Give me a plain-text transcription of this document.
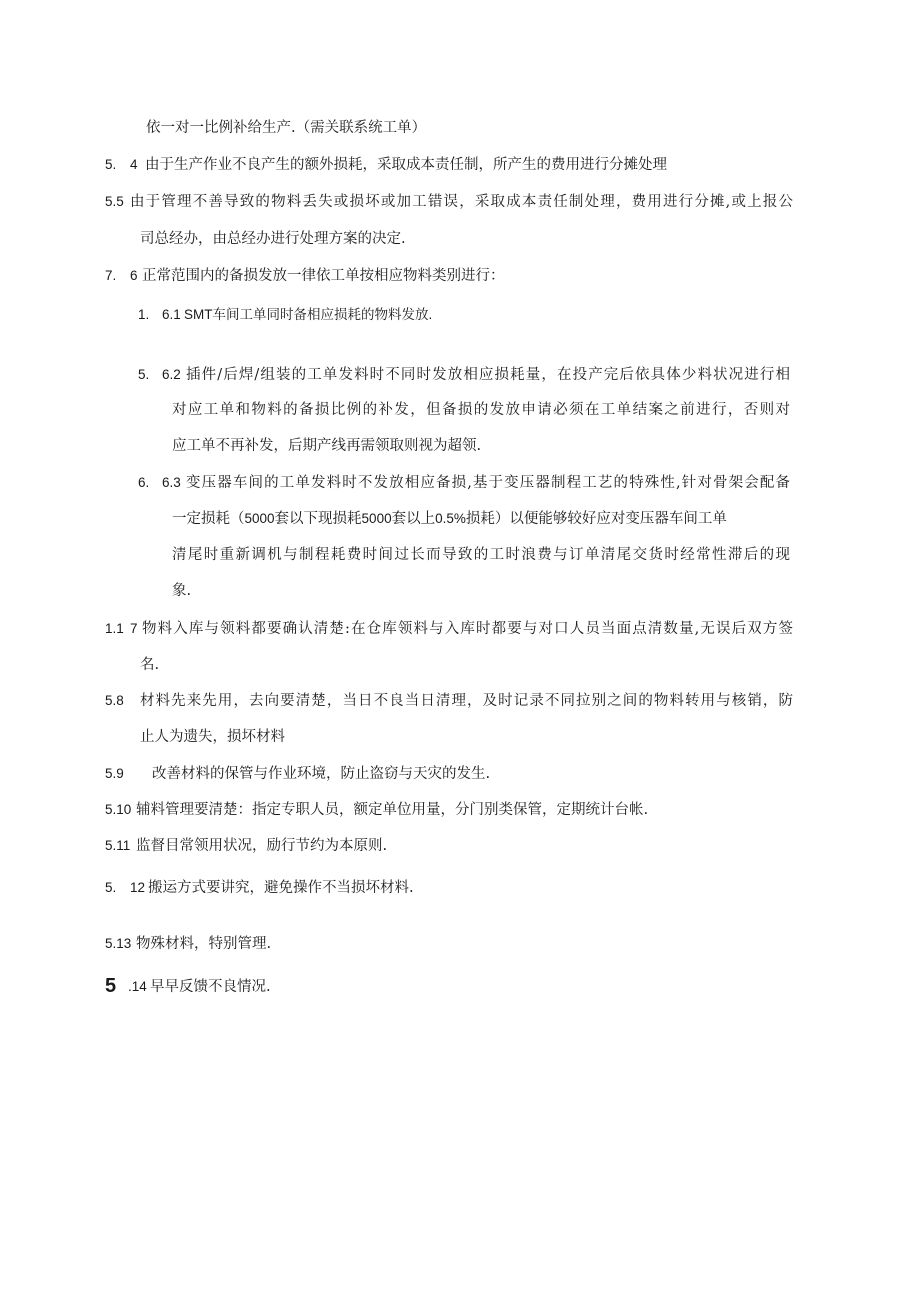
依一对一比例补给生产.（需关联系统工单）
5. 4 由于生产作业不良产生的额外损耗，采取成本责任制，所产生的费用进行分摊处理
5.5 由于管理不善导致的物料丢失或损坏或加工错误，采取成本责任制处理，费用进行分摊,或上报公
司总经办，由总经办进行处理方案的决定.
7. 6 正常范围内的备损发放一律依工单按相应物料类别进行：
1. 6.1 SMT车间工单同时备相应损耗的物料发放.
5. 6.2 插件/后焊/组装的工单发料时不同时发放相应损耗量，在投产完后依具体少料状况进行相
对应工单和物料的备损比例的补发，但备损的发放申请必须在工单结案之前进行，否则对
应工单不再补发，后期产线再需领取则视为超领.
6. 6.3 变压器车间的工单发料时不发放相应备损,基于变压器制程工艺的特殊性,针对骨架会配备
一定损耗（5000套以下现损耗5000套以上0.5%损耗）以便能够较好应对变压器车间工单
清尾时重新调机与制程耗费时间过长而导致的工时浪费与订单清尾交货时经常性滞后的现
象.
1.1 7 物料入库与领料都要确认清楚:在仓库领料与入库时都要与对口人员当面点清数量,无误后双方签
名.
5.8 材料先来先用，去向要清楚，当日不良当日清理，及时记录不同拉别之间的物料转用与核销，防
止人为遗失，损坏材料
5.9 改善材料的保管与作业环境，防止盗窃与天灾的发生.
5.10 辅料管理要清楚：指定专职人员，额定单位用量，分门别类保管，定期统计台帐.
5.11 监督目常领用状况，励行节约为本原则.
5. 12 搬运方式要讲究，避免操作不当损坏材料.
5.13 物殊材料，特别管理.
5 .14 早早反馈不良情况.
